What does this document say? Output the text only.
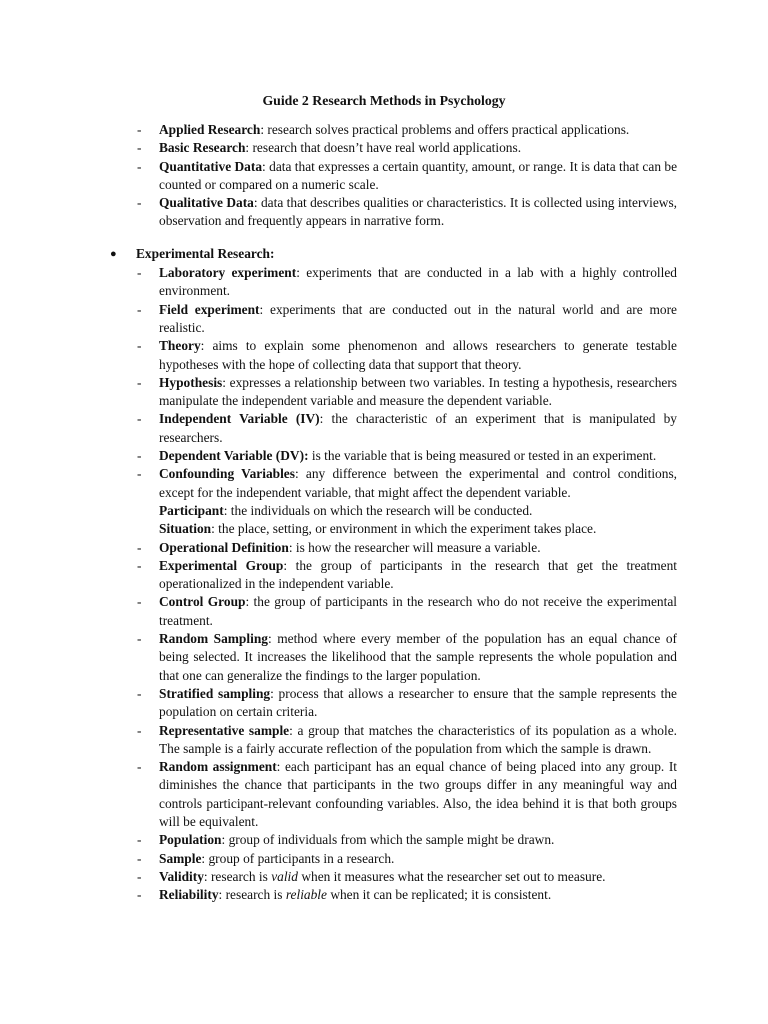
Guide 2 Research Methods in Psychology
- Applied Research: research solves practical problems and offers practical applications.
- Basic Research: research that doesn’t have real world applications.
- Quantitative Data: data that expresses a certain quantity, amount, or range. It is data that can be counted or compared on a numeric scale.
- Qualitative Data: data that describes qualities or characteristics. It is collected using interviews, observation and frequently appears in narrative form.
● Experimental Research:
- Laboratory experiment: experiments that are conducted in a lab with a highly controlled environment.
- Field experiment: experiments that are conducted out in the natural world and are more realistic.
- Theory: aims to explain some phenomenon and allows researchers to generate testable hypotheses with the hope of collecting data that support that theory.
- Hypothesis: expresses a relationship between two variables. In testing a hypothesis, researchers manipulate the independent variable and measure the dependent variable.
- Independent Variable (IV): the characteristic of an experiment that is manipulated by researchers.
- Dependent Variable (DV): is the variable that is being measured or tested in an experiment.
- Confounding Variables: any difference between the experimental and control conditions, except for the independent variable, that might affect the dependent variable.
Participant: the individuals on which the research will be conducted.
Situation: the place, setting, or environment in which the experiment takes place.
- Operational Definition: is how the researcher will measure a variable.
- Experimental Group: the group of participants in the research that get the treatment operationalized in the independent variable.
- Control Group: the group of participants in the research who do not receive the experimental treatment.
- Random Sampling: method where every member of the population has an equal chance of being selected. It increases the likelihood that the sample represents the whole population and that one can generalize the findings to the larger population.
- Stratified sampling: process that allows a researcher to ensure that the sample represents the population on certain criteria.
- Representative sample: a group that matches the characteristics of its population as a whole. The sample is a fairly accurate reflection of the population from which the sample is drawn.
- Random assignment: each participant has an equal chance of being placed into any group. It diminishes the chance that participants in the two groups differ in any meaningful way and controls participant-relevant confounding variables. Also, the idea behind it is that both groups will be equivalent.
- Population: group of individuals from which the sample might be drawn.
- Sample: group of participants in a research.
- Validity: research is valid when it measures what the researcher set out to measure.
- Reliability: research is reliable when it can be replicated; it is consistent.
